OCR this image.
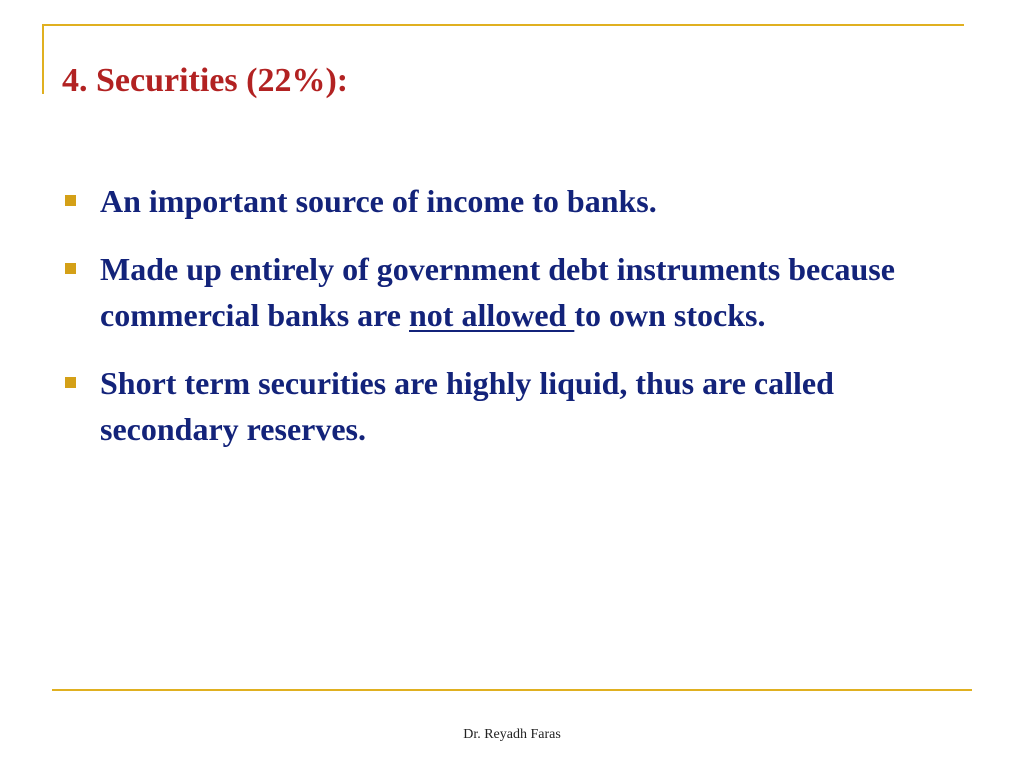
4. Securities (22%):
An important source of income to banks.
Made up entirely of government debt instruments because commercial banks are not allowed to own stocks.
Short term securities are highly liquid, thus are called secondary reserves.
Dr. Reyadh Faras
